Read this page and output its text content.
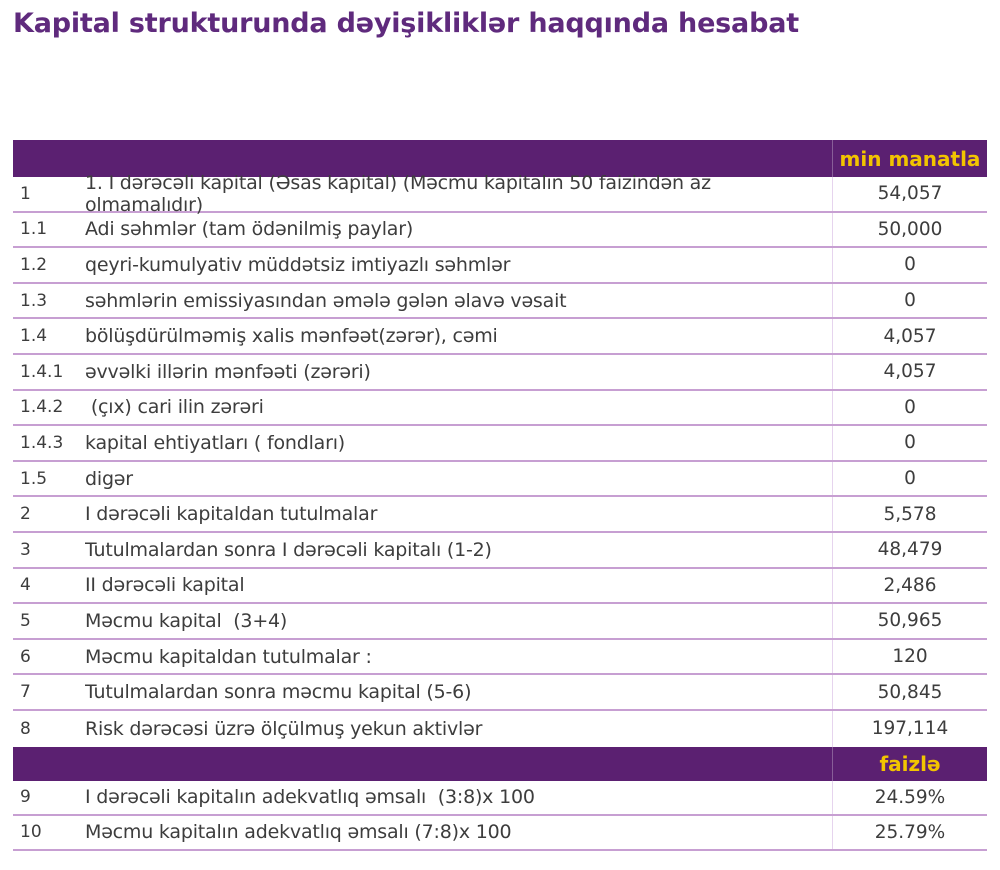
Kapital strukturunda dəyişikliklər haqqında hesabat
min manatla
1	1. I dərəcəli kapital (Əsas kapital) (Məcmu kapitalın 50 faizindən az olmamalıdır)	54,057
1.1	Adi səhmlər (tam ödənilmiş paylar)	50,000
1.2	qeyri-kumulyativ müddətsiz imtiyazlı səhmlər	0
1.3	səhmlərin emissiyasından əmələ gələn əlavə vəsait	0
1.4	bölüşdürülməmiş xalis mənfəət(zərər), cəmi	4,057
1.4.1	əvvəlki illərin mənfəəti (zərəri)	4,057
1.4.2	(çıx) cari ilin zərəri	0
1.4.3	kapital ehtiyatları ( fondları)	0
1.5	digər	0
2	I dərəcəli kapitaldan tutulmalar	5,578
3	Tutulmalardan sonra I dərəcəli kapitalı (1-2)	48,479
4	II dərəcəli kapital	2,486
5	Məcmu kapital  (3+4)	50,965
6	Məcmu kapitaldan tutulmalar :	120
7	Tutulmalardan sonra məcmu kapital (5-6)	50,845
8	Risk dərəcəsi üzrə ölçülmuş yekun aktivlər	197,114
faizlə
9	I dərəcəli kapitalın adekvatlıq əmsalı  (3:8)x 100	24.59%
10	Məcmu kapitalın adekvatlıq əmsalı (7:8)x 100	25.79%
